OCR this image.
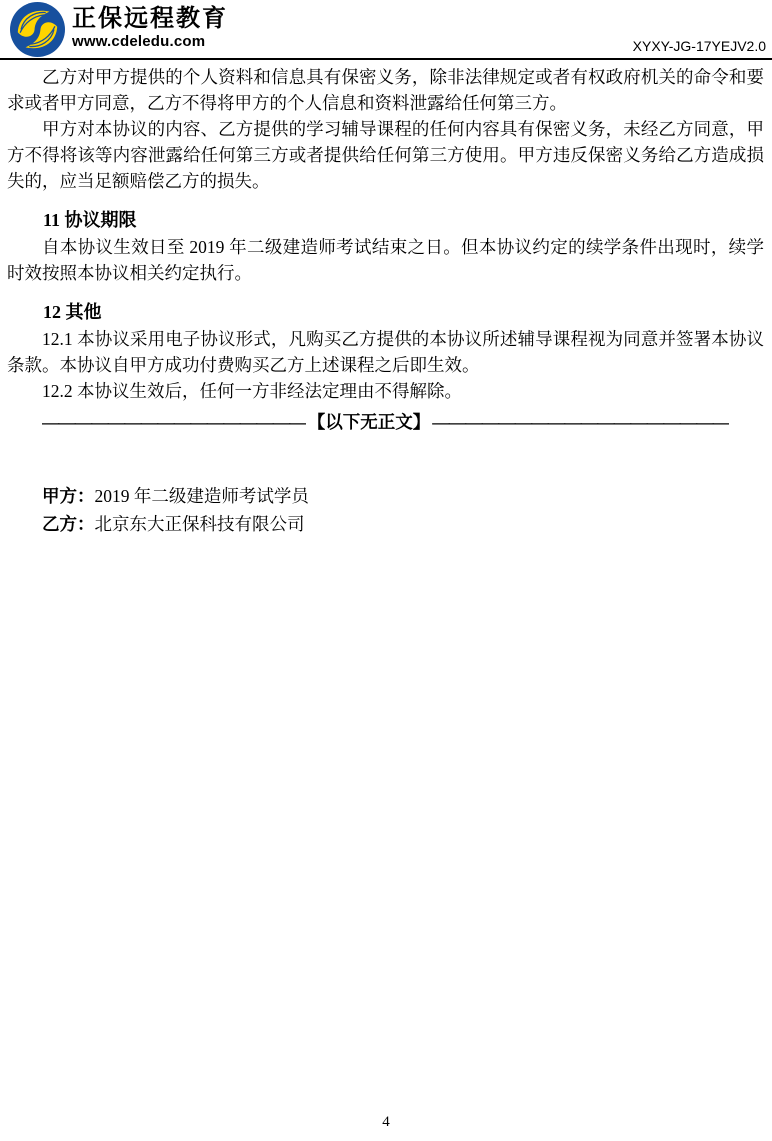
正保远程教育
www.cdeledu.com	XYXY-JG-17YEJV2.0

乙方对甲方提供的个人资料和信息具有保密义务，除非法律规定或者有权政府机关的命令和要求或者甲方同意，乙方不得将甲方的个人信息和资料泄露给任何第三方。

甲方对本协议的内容、乙方提供的学习辅导课程的任何内容具有保密义务，未经乙方同意，甲方不得将该等内容泄露给任何第三方或者提供给任何第三方使用。甲方违反保密义务给乙方造成损失的，应当足额赔偿乙方的损失。

11 协议期限

自本协议生效日至 2019 年二级建造师考试结束之日。但本协议约定的续学条件出现时，续学时效按照本协议相关约定执行。

12 其他

12.1 本协议采用电子协议形式，凡购买乙方提供的本协议所述辅导课程视为同意并签署本协议条款。本协议自甲方成功付费购买乙方上述课程之后即生效。

12.2 本协议生效后，任何一方非经法定理由不得解除。

———————————————— 【以下无正文】 ——————————————————

甲方：2019 年二级建造师考试学员

乙方：北京东大正保科技有限公司

4
